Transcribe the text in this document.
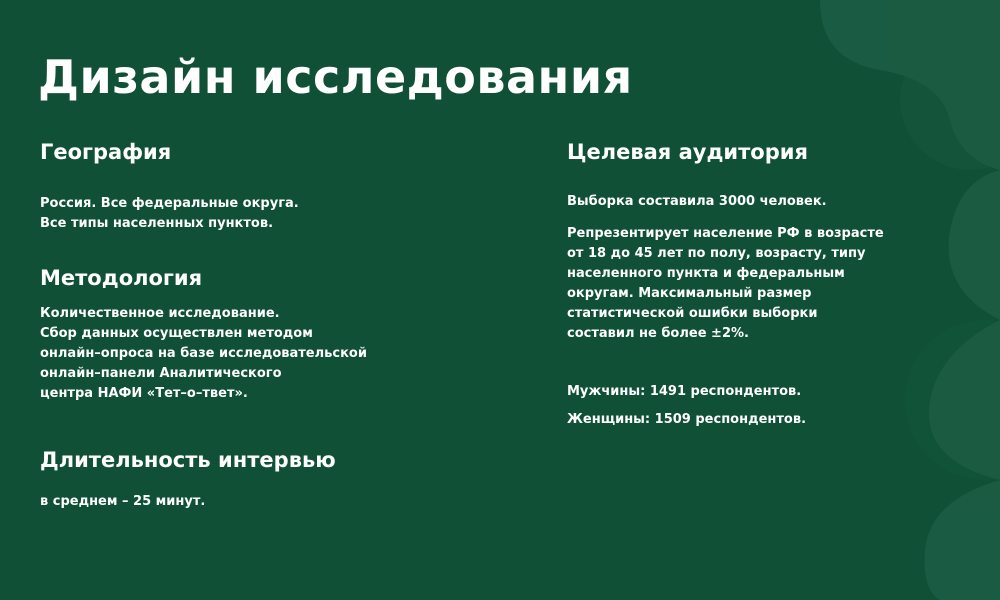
Дизайн исследования
География
Россия. Все федеральные округа.
Все типы населенных пунктов.
Методология
Количественное исследование.
Сбор данных осуществлен методом
онлайн–опроса на базе исследовательской
онлайн–панели Аналитического
центра НАФИ «Тет–о–твет».
Длительность интервью
в среднем – 25 минут.
Целевая аудитория
Выборка составила 3000 человек.
Репрезентирует население РФ в возрасте
от 18 до 45 лет по полу, возрасту, типу
населенного пункта и федеральным
округам. Максимальный размер
статистической ошибки выборки
составил не более ±2%.
Мужчины: 1491 респондентов.
Женщины: 1509 респондентов.
